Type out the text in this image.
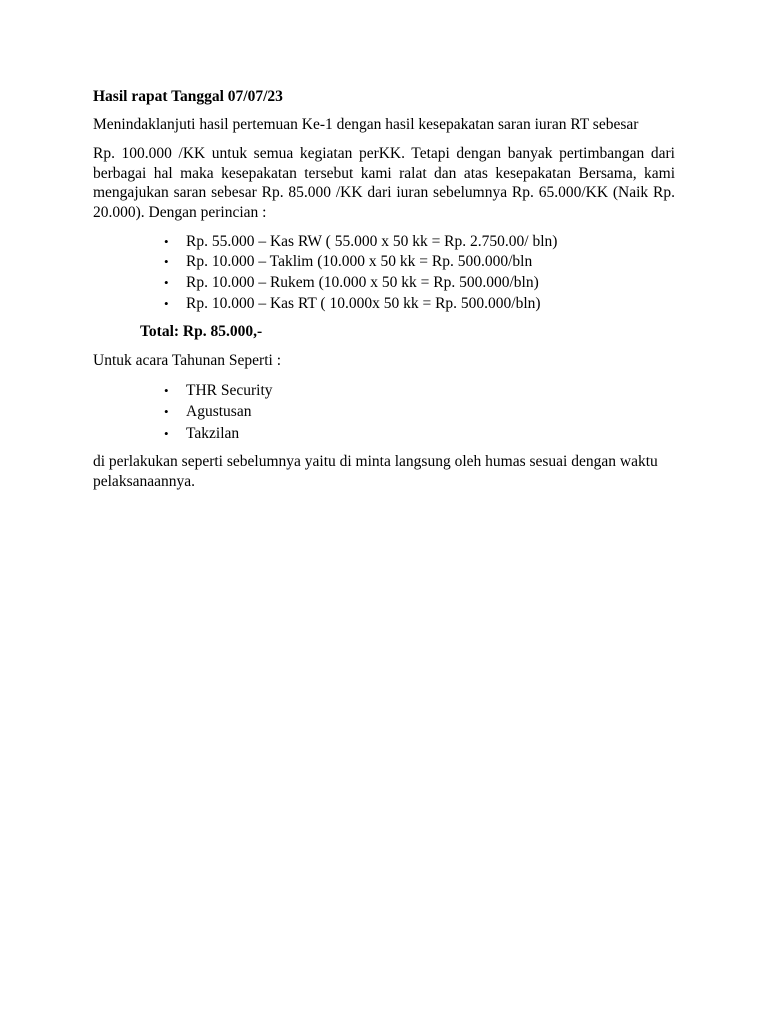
Hasil rapat Tanggal 07/07/23
Menindaklanjuti hasil pertemuan Ke-1 dengan hasil kesepakatan saran iuran RT sebesar
Rp. 100.000 /KK untuk semua kegiatan perKK. Tetapi dengan banyak pertimbangan dari berbagai hal maka kesepakatan tersebut kami ralat dan atas kesepakatan Bersama, kami mengajukan saran sebesar Rp. 85.000 /KK dari iuran sebelumnya Rp. 65.000/KK (Naik Rp. 20.000). Dengan perincian :
• Rp. 55.000 – Kas RW ( 55.000 x 50 kk = Rp. 2.750.00/ bln)
• Rp. 10.000 – Taklim (10.000 x 50 kk = Rp. 500.000/bln
• Rp. 10.000 – Rukem (10.000 x 50 kk = Rp. 500.000/bln)
• Rp. 10.000 – Kas RT ( 10.000x 50 kk = Rp. 500.000/bln)
Total: Rp. 85.000,-
Untuk acara Tahunan Seperti :
• THR Security
• Agustusan
• Takzilan
di perlakukan seperti sebelumnya yaitu di minta langsung oleh humas sesuai dengan waktu pelaksanaannya.
